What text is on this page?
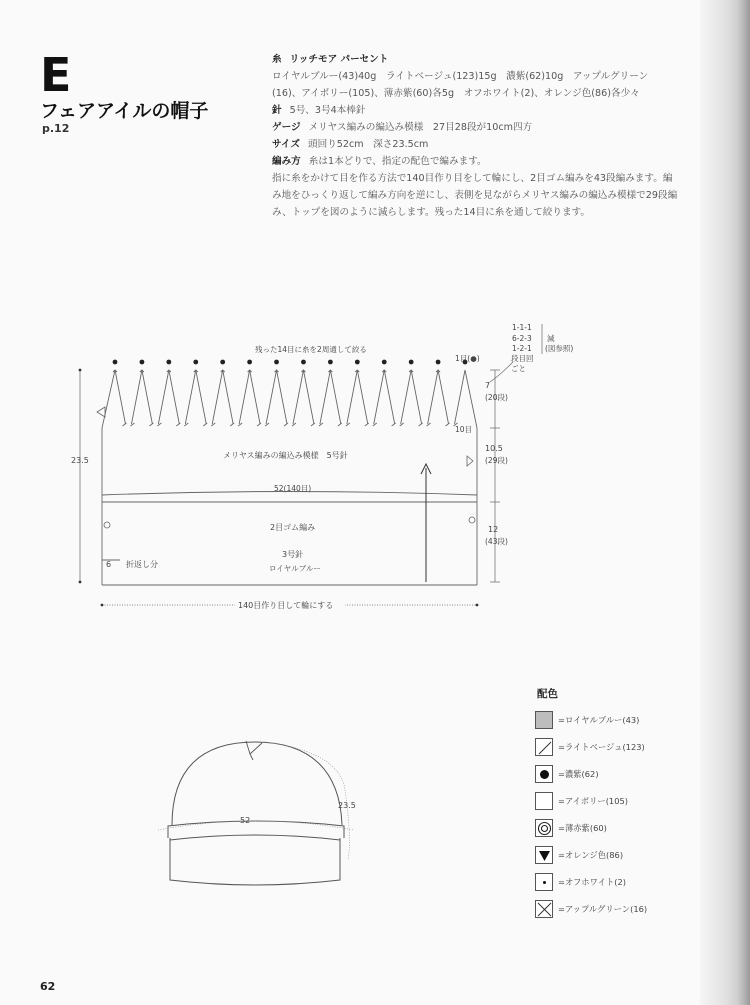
E
フェアアイルの帽子
p.12
糸 リッチモア パーセント
ロイヤルブルー(43)40g　ライトベージュ(123)15g　濃紫(62)10g　アップルグリーン
(16)、アイボリー(105)、薄赤紫(60)各5g　オフホワイト(2)、オレンジ色(86)各少々
針 5号、3号4本棒針
ゲージ メリヤス編みの編込み模様　27目28段が10cm四方
サイズ 頭回り52cm　深さ23.5cm
編み方 糸は1本どりで、指定の配色で編みます。
指に糸をかけて目を作る方法で140目作り目をして輪にし、2目ゴム編みを43段編みます。編
み地をひっくり返して編み方向を逆にし、表側を見ながらメリヤス編みの編込み模様で29段編
み、トップを図のように減らします。残った14目に糸を通して絞ります。
23.5
7
(20段)
10.5
(29段)
12
(43段)
1-1-1
6-2-3
1-2-1
減
(図参照)
段目回
ごと
1目(●)
10目
残った14目に糸を2周通して絞る
メリヤス編みの編込み模様　5号針
52(140目)
2目ゴム編み
3号針
ロイヤルブルー
6 折返し分
140目作り目して輪にする
52
23.5
配色
=ロイヤルブルー(43)
=ライトベージュ(123)
=濃紫(62)
=アイボリー(105)
=薄赤紫(60)
=オレンジ色(86)
=オフホワイト(2)
=アップルグリーン(16)
62
